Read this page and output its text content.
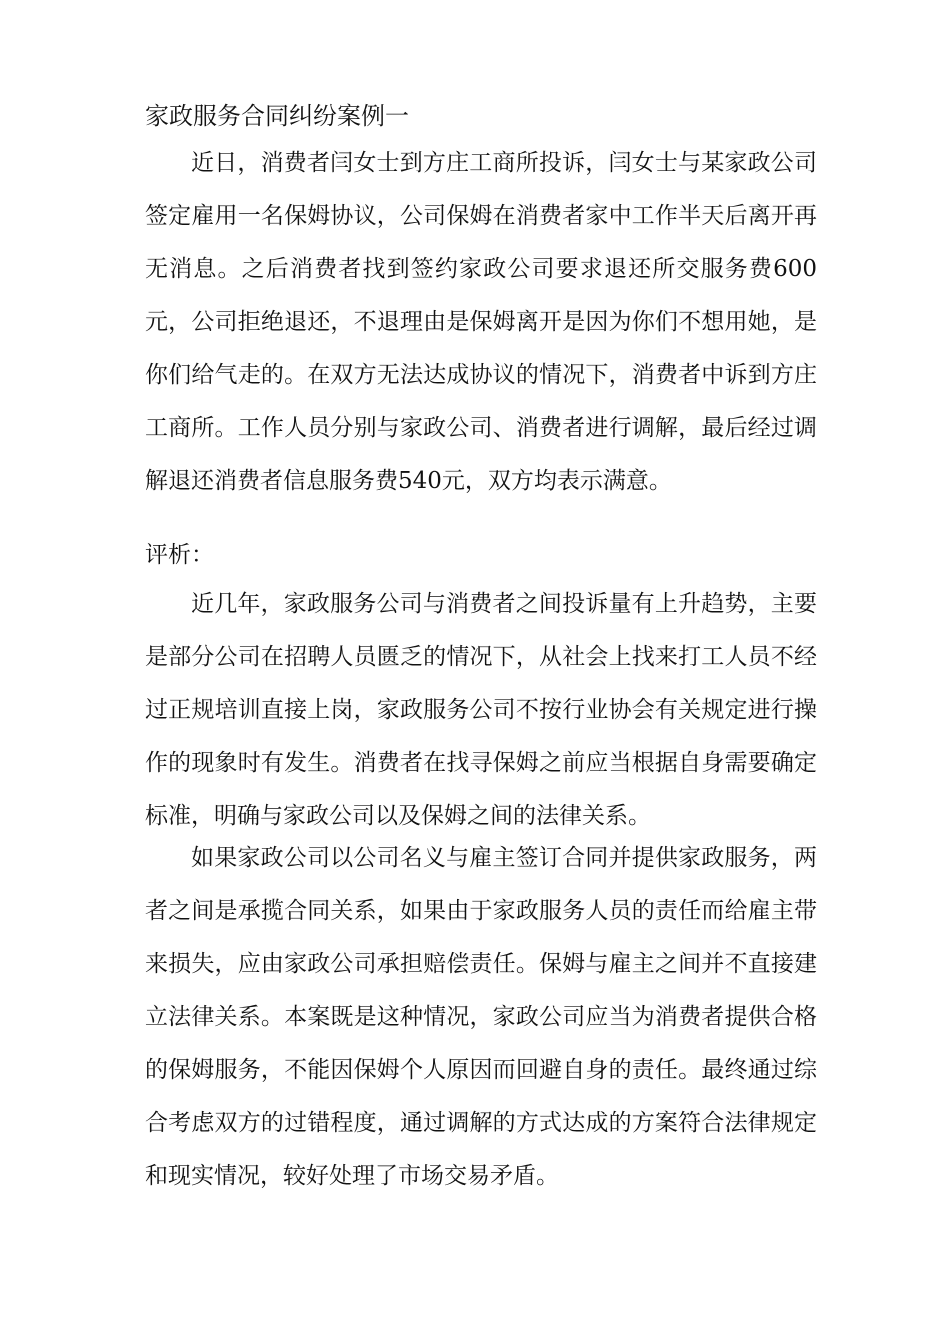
家政服务合同纠纷案例一

近日，消费者闫女士到方庄工商所投诉，闫女士与某家政公司签定雇用一名保姆协议，公司保姆在消费者家中工作半天后离开再无消息。之后消费者找到签约家政公司要求退还所交服务费600元，公司拒绝退还，不退理由是保姆离开是因为你们不想用她，是你们给气走的。在双方无法达成协议的情况下，消费者中诉到方庄工商所。工作人员分别与家政公司、消费者进行调解，最后经过调解退还消费者信息服务费540元，双方均表示满意。

评析：

近几年，家政服务公司与消费者之间投诉量有上升趋势，主要是部分公司在招聘人员匮乏的情况下，从社会上找来打工人员不经过正规培训直接上岗，家政服务公司不按行业协会有关规定进行操作的现象时有发生。消费者在找寻保姆之前应当根据自身需要确定标准，明确与家政公司以及保姆之间的法律关系。

如果家政公司以公司名义与雇主签订合同并提供家政服务，两者之间是承揽合同关系，如果由于家政服务人员的责任而给雇主带来损失，应由家政公司承担赔偿责任。保姆与雇主之间并不直接建立法律关系。本案既是这种情况，家政公司应当为消费者提供合格的保姆服务，不能因保姆个人原因而回避自身的责任。最终通过综合考虑双方的过错程度，通过调解的方式达成的方案符合法律规定和现实情况，较好处理了市场交易矛盾。
